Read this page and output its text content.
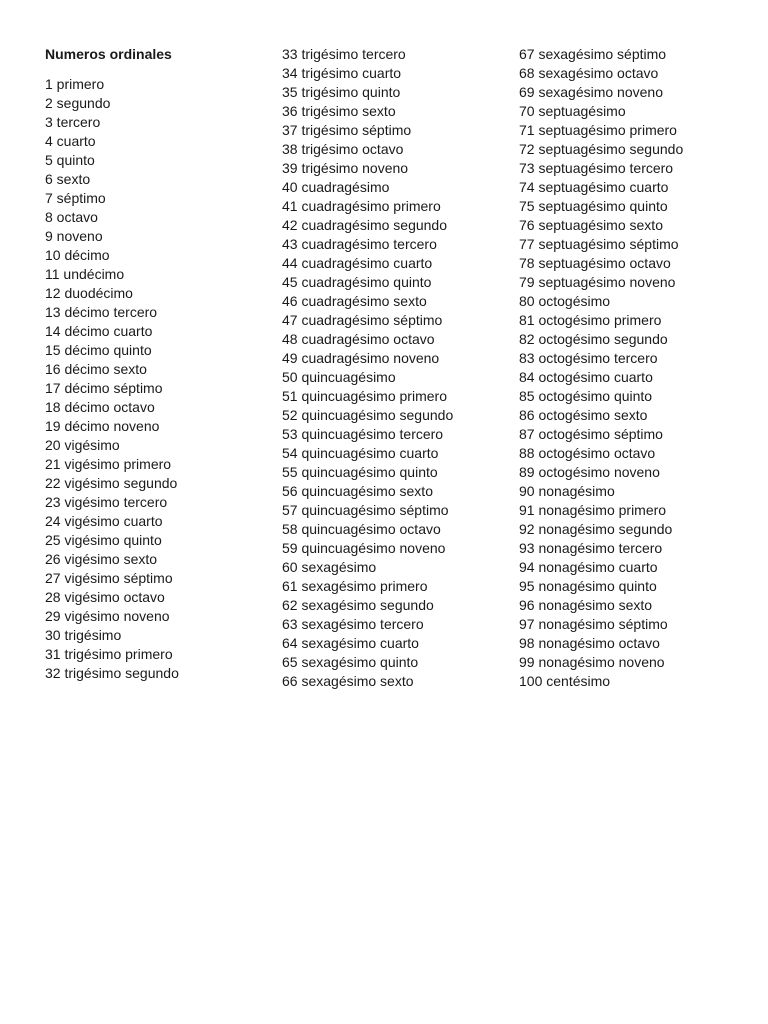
Numeros ordinales
1 primero
2 segundo
3 tercero
4 cuarto
5 quinto
6 sexto
7 séptimo
8 octavo
9 noveno
10 décimo
11 undécimo
12 duodécimo
13 décimo tercero
14 décimo cuarto
15 décimo quinto
16 décimo sexto
17 décimo séptimo
18 décimo octavo
19 décimo noveno
20 vigésimo
21 vigésimo primero
22 vigésimo segundo
23 vigésimo tercero
24 vigésimo cuarto
25 vigésimo quinto
26 vigésimo sexto
27 vigésimo séptimo
28 vigésimo octavo
29 vigésimo noveno
30 trigésimo
31 trigésimo primero
32 trigésimo segundo
33 trigésimo tercero
34 trigésimo cuarto
35 trigésimo quinto
36 trigésimo sexto
37 trigésimo séptimo
38 trigésimo octavo
39 trigésimo noveno
40 cuadragésimo
41 cuadragésimo primero
42 cuadragésimo segundo
43 cuadragésimo tercero
44 cuadragésimo cuarto
45 cuadragésimo quinto
46 cuadragésimo sexto
47 cuadragésimo séptimo
48 cuadragésimo octavo
49 cuadragésimo noveno
50 quincuagésimo
51 quincuagésimo primero
52 quincuagésimo segundo
53 quincuagésimo tercero
54 quincuagésimo cuarto
55 quincuagésimo quinto
56 quincuagésimo sexto
57 quincuagésimo séptimo
58 quincuagésimo octavo
59 quincuagésimo noveno
60 sexagésimo
61 sexagésimo primero
62 sexagésimo segundo
63 sexagésimo tercero
64 sexagésimo cuarto
65 sexagésimo quinto
66 sexagésimo sexto
67 sexagésimo séptimo
68 sexagésimo octavo
69 sexagésimo noveno
70 septuagésimo
71 septuagésimo primero
72 septuagésimo segundo
73 septuagésimo tercero
74 septuagésimo cuarto
75 septuagésimo quinto
76 septuagésimo sexto
77 septuagésimo séptimo
78 septuagésimo octavo
79 septuagésimo noveno
80 octogésimo
81 octogésimo primero
82 octogésimo segundo
83 octogésimo tercero
84 octogésimo cuarto
85 octogésimo quinto
86 octogésimo sexto
87 octogésimo séptimo
88 octogésimo octavo
89 octogésimo noveno
90 nonagésimo
91 nonagésimo primero
92 nonagésimo segundo
93 nonagésimo tercero
94 nonagésimo cuarto
95 nonagésimo quinto
96 nonagésimo sexto
97 nonagésimo séptimo
98 nonagésimo octavo
99 nonagésimo noveno
100 centésimo
